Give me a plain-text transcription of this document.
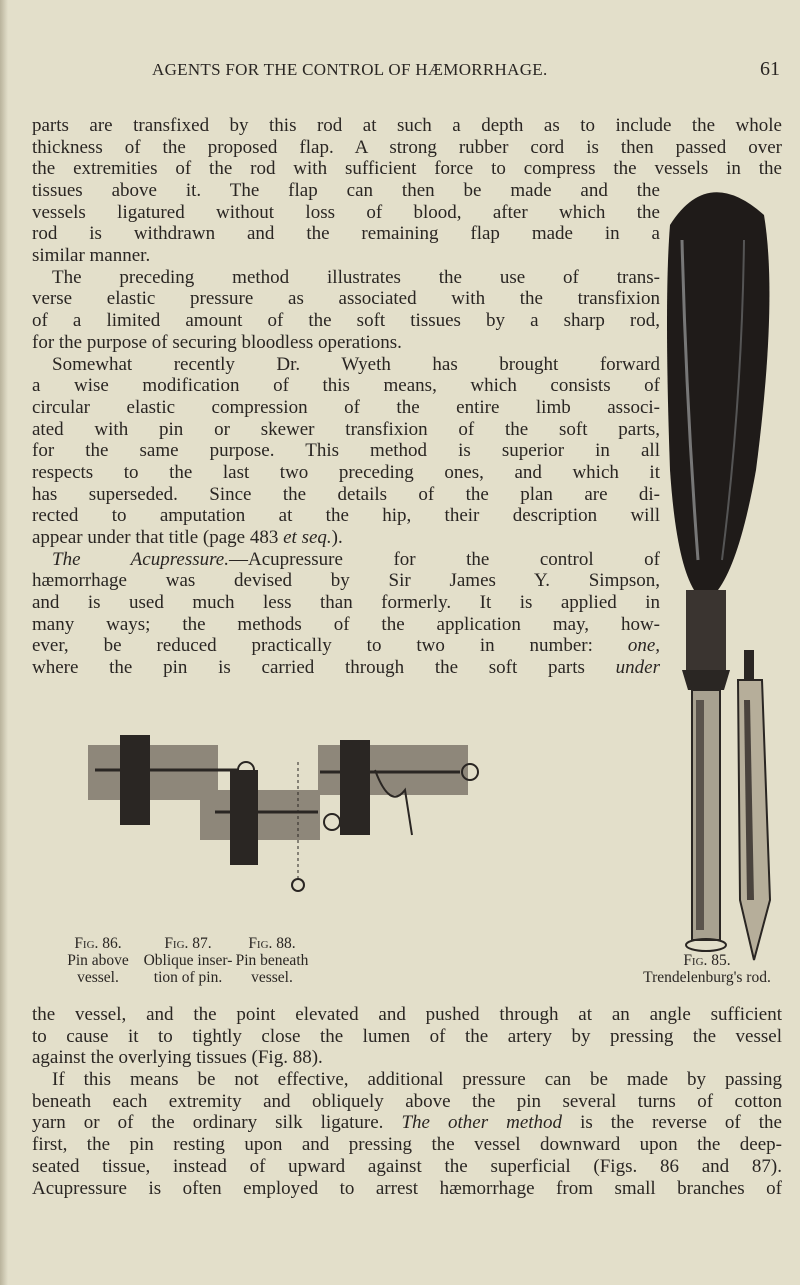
AGENTS FOR THE CONTROL OF HÆMORRHAGE.	61
parts are transfixed by this rod at such a depth as to include the whole
thickness of the proposed flap. A strong rubber cord is then passed over
the extremities of the rod with sufficient force to compress the vessels in the
tissues above it. The flap can then be made and the
vessels ligatured without loss of blood, after which the
rod is withdrawn and the remaining flap made in a
similar manner.
The preceding method illustrates the use of trans-
verse elastic pressure as associated with the transfixion
of a limited amount of the soft tissues by a sharp rod,
for the purpose of securing bloodless operations.
Somewhat recently Dr. Wyeth has brought forward
a wise modification of this means, which consists of
circular elastic compression of the entire limb associ-
ated with pin or skewer transfixion of the soft parts,
for the same purpose. This method is superior in all
respects to the last two preceding ones, and which it
has superseded. Since the details of the plan are di-
rected to amputation at the hip, their description will
appear under that title (page 483 et seq.).
The Acupressure.—Acupressure for the control of
hæmorrhage was devised by Sir James Y. Simpson,
and is used much less than formerly. It is applied in
many ways; the methods of the application may, how-
ever, be reduced practically to two in number: one,
where the pin is carried through the soft parts under
Fig. 86.
Pin above
vessel.
Fig. 87.
Oblique inser-
tion of pin.
Fig. 88.
Pin beneath
vessel.
Fig. 85.
Trendelenburg's rod.
the vessel, and the point elevated and pushed through at an angle sufficient
to cause it to tightly close the lumen of the artery by pressing the vessel
against the overlying tissues (Fig. 88).
If this means be not effective, additional pressure can be made by passing
beneath each extremity and obliquely above the pin several turns of cotton
yarn or of the ordinary silk ligature. The other method is the reverse of the
first, the pin resting upon and pressing the vessel downward upon the deep-
seated tissue, instead of upward against the superficial (Figs. 86 and 87).
Acupressure is often employed to arrest hæmorrhage from small branches of
